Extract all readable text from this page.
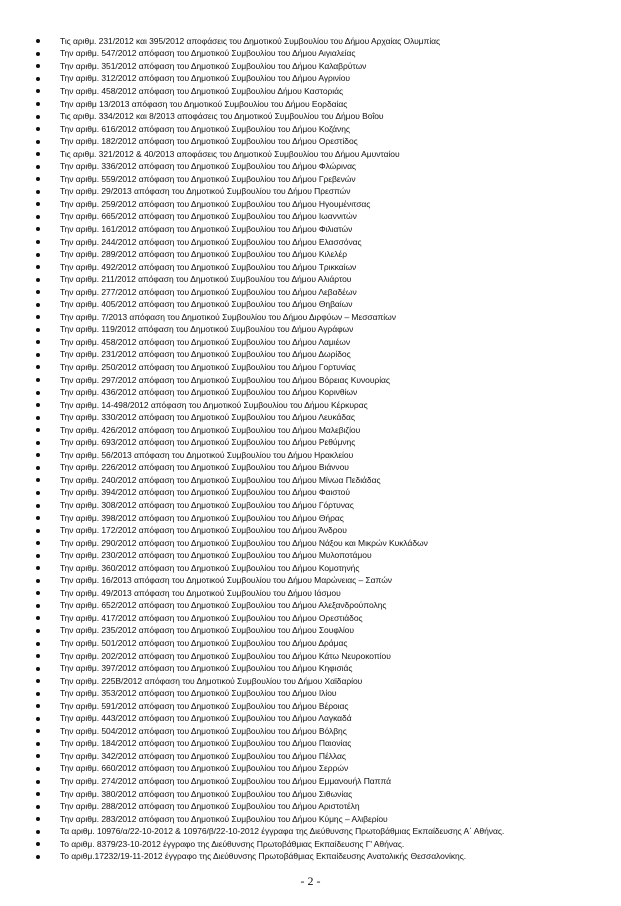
Τις αριθμ. 231/2012 και 395/2012 αποφάσεις του Δημοτικού Συμβουλίου του Δήμου Αρχαίας Ολυμπίας
Την αριθμ. 547/2012 απόφαση του Δημοτικού Συμβουλίου του Δήμου Αιγιαλείας
Την αριθμ. 351/2012 απόφαση του Δημοτικού Συμβουλίου του Δήμου Καλαβρύτων
Την αριθμ. 312/2012 απόφαση του Δημοτικού Συμβουλίου του Δήμου Αγρινίου
Την αριθμ. 458/2012 απόφαση του Δημοτικού Συμβουλίου Δήμου Καστοριάς
Την αριθμ 13/2013 απόφαση του Δημοτικού Συμβουλίου του Δήμου Εορδαίας
Τις αριθμ. 334/2012 και 8/2013 αποφάσεις του Δημοτικού Συμβουλίου του Δήμου Βοΐου
Την αριθμ. 616/2012 απόφαση του Δημοτικού Συμβουλίου του Δήμου Κοζάνης
Την αριθμ. 182/2012 απόφαση του Δημοτικού Συμβουλίου του Δήμου Ορεστίδος
Τις αριθμ. 321/2012 & 40/2013 αποφάσεις του Δημοτικού Συμβουλίου του Δήμου Αμυνταίου
Την αριθμ. 336/2012 απόφαση του Δημοτικού Συμβουλίου του Δήμου Φλώρινας
Την αριθμ. 559/2012 απόφαση του Δημοτικού Συμβουλίου του Δήμου Γρεβενών
Την αριθμ. 29/2013 απόφαση του Δημοτικού Συμβουλίου του Δήμου Πρεσπών
Την αριθμ. 259/2012 απόφαση του Δημοτικού Συμβουλίου του Δήμου Ηγουμένιτσας
Την αριθμ. 665/2012 απόφαση του Δημοτικού Συμβουλίου του Δήμου Ιωαννιτών
Την αριθμ. 161/2012 απόφαση του Δημοτικού Συμβουλίου του Δήμου Φιλιατών
Την αριθμ. 244/2012 απόφαση του Δημοτικού Συμβουλίου του Δήμου Ελασσόνας
Την αριθμ. 289/2012 απόφαση του Δημοτικού Συμβουλίου του Δήμου Κιλελέρ
Την αριθμ. 492/2012 απόφαση του Δημοτικού Συμβουλίου του Δήμου Τρικκαίων
Την αριθμ. 211/2012 απόφαση του Δημοτικού Συμβουλίου του Δήμου Αλιάρτου
Την αριθμ. 277/2012 απόφαση του Δημοτικού Συμβουλίου του Δήμου Λεβαδέων
Την αριθμ. 405/2012 απόφαση του Δημοτικού Συμβουλίου του Δήμου Θηβαίων
Την αριθμ. 7/2013 απόφαση του Δημοτικού Συμβουλίου του Δήμου Διρφύων – Μεσσαπίων
Την αριθμ. 119/2012 απόφαση του Δημοτικού Συμβουλίου του Δήμου Αγράφων
Την αριθμ. 458/2012 απόφαση του Δημοτικού Συμβουλίου του Δήμου Λαμιέων
Την αριθμ. 231/2012 απόφαση του Δημοτικού Συμβουλίου του Δήμου Δωρίδος
Την αριθμ. 250/2012 απόφαση του Δημοτικού Συμβουλίου του Δήμου Γορτυνίας
Την αριθμ. 297/2012 απόφαση του Δημοτικού Συμβουλίου του Δήμου Βόρειας Κυνουρίας
Την αριθμ. 436/2012 απόφαση του Δημοτικού Συμβουλίου του Δήμου Κορινθίων
Την αριθμ. 14-498/2012 απόφαση του Δημοτικού Συμβουλίου του Δήμου Κέρκυρας
Την αριθμ. 330/2012 απόφαση του Δημοτικού Συμβουλίου του Δήμου Λευκάδας
Την αριθμ. 426/2012 απόφαση του Δημοτικού Συμβουλίου του Δήμου Μαλεβιζίου
Την αριθμ. 693/2012 απόφαση του Δημοτικού Συμβουλίου του Δήμου Ρεθύμνης
Την αριθμ. 56/2013 απόφαση του Δημοτικού Συμβουλίου του Δήμου Ηρακλείου
Την αριθμ. 226/2012 απόφαση του Δημοτικού Συμβουλίου του Δήμου Βιάννου
Την αριθμ. 240/2012 απόφαση του Δημοτικού Συμβουλίου του Δήμου Μίνωα Πεδιάδας
Την αριθμ. 394/2012 απόφαση του Δημοτικού Συμβουλίου του Δήμου Φαιστού
Την αριθμ. 308/2012 απόφαση του Δημοτικού Συμβουλίου του Δήμου Γόρτυνας
Την αριθμ. 398/2012 απόφαση του Δημοτικού Συμβουλίου του Δήμου Θήρας
Την αριθμ. 172/2012 απόφαση του Δημοτικού Συμβουλίου του Δήμου Άνδρου
Την αριθμ. 290/2012 απόφαση του Δημοτικού Συμβουλίου του Δήμου Νάξου και Μικρών Κυκλάδων
Την αριθμ. 230/2012 απόφαση του Δημοτικού Συμβουλίου του Δήμου Μυλοποτάμου
Την αριθμ. 360/2012 απόφαση του Δημοτικού Συμβουλίου του Δήμου Κομοτηνής
Την αριθμ. 16/2013 απόφαση του Δημοτικού Συμβουλίου του Δήμου Μαρώνειας – Σαπών
Την αριθμ. 49/2013 απόφαση του Δημοτικού Συμβουλίου του Δήμου Ιάσμου
Την αριθμ. 652/2012 απόφαση του Δημοτικού Συμβουλίου του Δήμου Αλεξανδρούπολης
Την αριθμ. 417/2012 απόφαση του Δημοτικού Συμβουλίου του Δήμου Ορεστιάδος
Την αριθμ. 235/2012 απόφαση του Δημοτικού Συμβουλίου του Δήμου Σουφλίου
Την αριθμ. 501/2012 απόφαση του Δημοτικού Συμβουλίου του Δήμου Δράμας
Την αριθμ. 202/2012 απόφαση του Δημοτικού Συμβουλίου του Δήμου Κάτω Νευροκοπίου
Την αριθμ. 397/2012 απόφαση του Δημοτικού Συμβουλίου του Δήμου Κηφισιάς
Την αριθμ. 225Β/2012 απόφαση του Δημοτικού Συμβουλίου του Δήμου Χαϊδαρίου
Την αριθμ. 353/2012 απόφαση του Δημοτικού Συμβουλίου του Δήμου Ιλίου
Την αριθμ. 591/2012 απόφαση του Δημοτικού Συμβουλίου του Δήμου Βέροιας
Την αριθμ. 443/2012 απόφαση του Δημοτικού Συμβουλίου του Δήμου Λαγκαδά
Την αριθμ. 504/2012 απόφαση του Δημοτικού Συμβουλίου του Δήμου Βόλβης
Την αριθμ. 184/2012 απόφαση του Δημοτικού Συμβουλίου του Δήμου Παιονίας
Την αριθμ. 342/2012 απόφαση του Δημοτικού Συμβουλίου του Δήμου Πέλλας
Την αριθμ. 660/2012 απόφαση του Δημοτικού Συμβουλίου του Δήμου Σερρών
Την αριθμ. 274/2012 απόφαση του Δημοτικού Συμβουλίου του Δήμου Εμμανουήλ Παππά
Την αριθμ. 380/2012 απόφαση του Δημοτικού Συμβουλίου του Δήμου Σιθωνίας
Την αριθμ. 288/2012 απόφαση του Δημοτικού Συμβουλίου του Δήμου Αριστοτέλη
Την αριθμ. 283/2012 απόφαση του Δημοτικού Συμβουλίου του Δήμου Κύμης – Αλιβερίου
Τα αριθμ. 10976/α/22-10-2012 & 10976/β/22-10-2012 έγγραφα της Διεύθυνσης Πρωτοβάθμιας Εκπαίδευσης Α΄ Αθήνας.
Το αριθμ. 8379/23-10-2012 έγγραφο της Διεύθυνσης Πρωτοβάθμιας Εκπαίδευσης Γ' Αθήνας.
Το αριθμ.17232/19-11-2012 έγγραφο της Διεύθυνσης Πρωτοβάθμιας Εκπαίδευσης Ανατολικής Θεσσαλονίκης.
- 2 -
